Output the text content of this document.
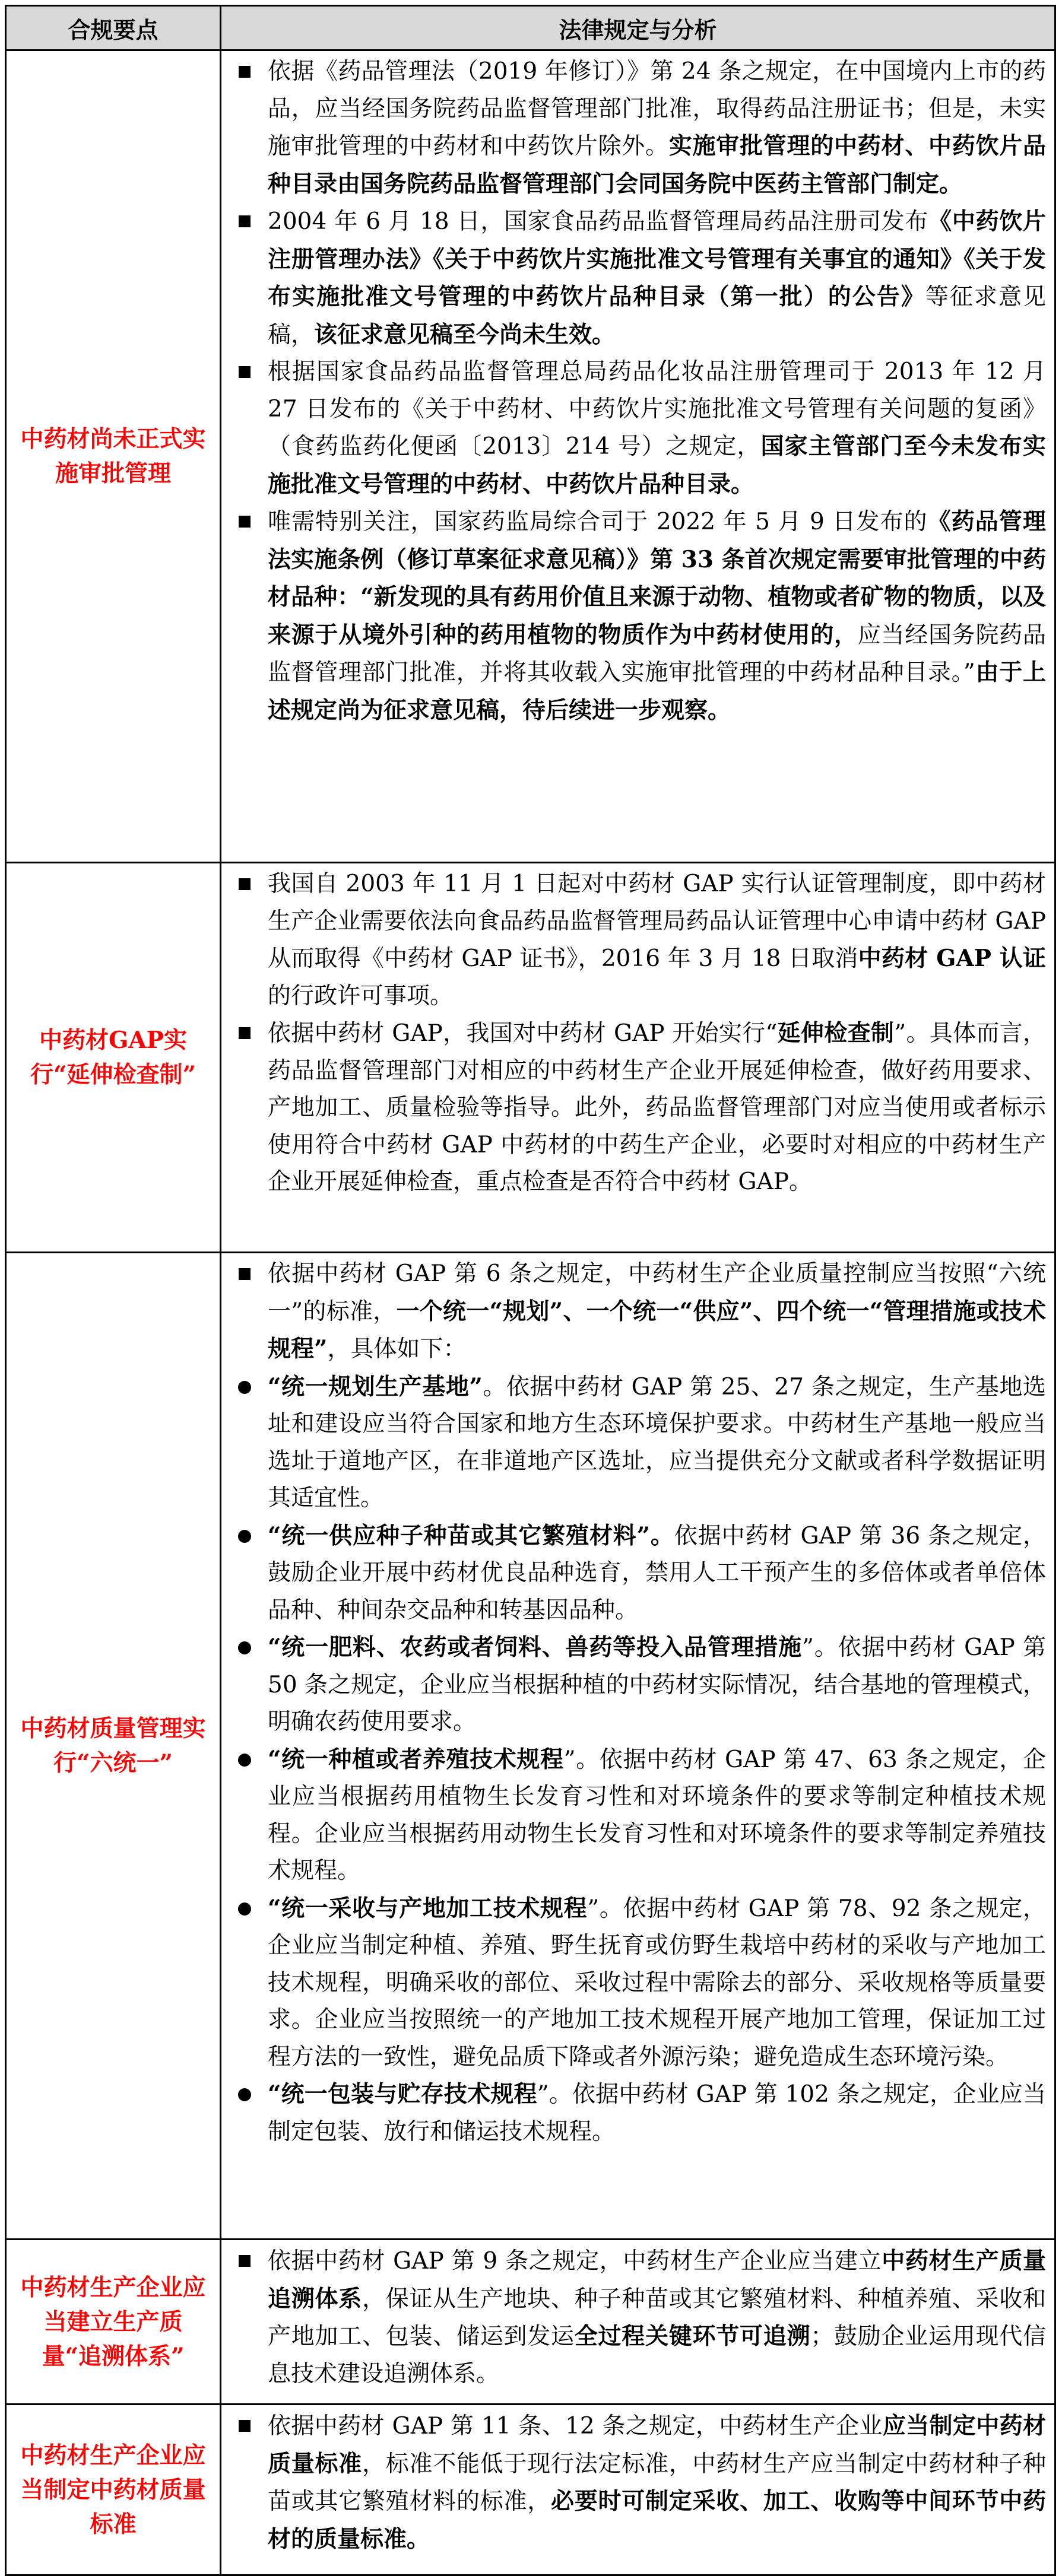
合规要点	法律规定与分析
中药材尚未正式实施审批管理
依据《药品管理法（2019 年修订）》第 24 条之规定，在中国境内上市的药品，应当经国务院药品监督管理部门批准，取得药品注册证书；但是，未实施审批管理的中药材和中药饮片除外。实施审批管理的中药材、中药饮片品种目录由国务院药品监督管理部门会同国务院中医药主管部门制定。
2004 年 6 月 18 日，国家食品药品监督管理局药品注册司发布《中药饮片注册管理办法》《关于中药饮片实施批准文号管理有关事宜的通知》《关于发布实施批准文号管理的中药饮片品种目录（第一批）的公告》等征求意见稿，该征求意见稿至今尚未生效。
根据国家食品药品监督管理总局药品化妆品注册管理司于 2013 年 12 月 27 日发布的《关于中药材、中药饮片实施批准文号管理有关问题的复函》（食药监药化便函〔2013〕214 号）之规定，国家主管部门至今未发布实施批准文号管理的中药材、中药饮片品种目录。
唯需特别关注，国家药监局综合司于 2022 年 5 月 9 日发布的《药品管理法实施条例（修订草案征求意见稿）》第 33 条首次规定需要审批管理的中药材品种：“新发现的具有药用价值且来源于动物、植物或者矿物的物质，以及来源于从境外引种的药用植物的物质作为中药材使用的，应当经国务院药品监督管理部门批准，并将其收载入实施审批管理的中药材品种目录。”由于上述规定尚为征求意见稿，待后续进一步观察。
中药材GAP实行“延伸检查制”
我国自 2003 年 11 月 1 日起对中药材 GAP 实行认证管理制度，即中药材生产企业需要依法向食品药品监督管理局药品认证管理中心申请中药材 GAP 从而取得《中药材 GAP 证书》，2016 年 3 月 18 日取消中药材 GAP 认证的行政许可事项。
依据中药材 GAP，我国对中药材 GAP 开始实行“延伸检查制”。具体而言，药品监督管理部门对相应的中药材生产企业开展延伸检查，做好药用要求、产地加工、质量检验等指导。此外，药品监督管理部门对应当使用或者标示使用符合中药材 GAP 中药材的中药生产企业，必要时对相应的中药材生产企业开展延伸检查，重点检查是否符合中药材 GAP。
中药材质量管理实行“六统一”
依据中药材 GAP 第 6 条之规定，中药材生产企业质量控制应当按照“六统一”的标准，一个统一“规划”、一个统一“供应”、四个统一“管理措施或技术规程”，具体如下：
“统一规划生产基地”。依据中药材 GAP 第 25、27 条之规定，生产基地选址和建设应当符合国家和地方生态环境保护要求。中药材生产基地一般应当选址于道地产区，在非道地产区选址，应当提供充分文献或者科学数据证明其适宜性。
“统一供应种子种苗或其它繁殖材料”。依据中药材 GAP 第 36 条之规定，鼓励企业开展中药材优良品种选育，禁用人工干预产生的多倍体或者单倍体品种、种间杂交品种和转基因品种。
“统一肥料、农药或者饲料、兽药等投入品管理措施”。依据中药材 GAP 第 50 条之规定，企业应当根据种植的中药材实际情况，结合基地的管理模式，明确农药使用要求。
“统一种植或者养殖技术规程”。依据中药材 GAP 第 47、63 条之规定，企业应当根据药用植物生长发育习性和对环境条件的要求等制定种植技术规程。企业应当根据药用动物生长发育习性和对环境条件的要求等制定养殖技术规程。
“统一采收与产地加工技术规程”。依据中药材 GAP 第 78、92 条之规定，企业应当制定种植、养殖、野生抚育或仿野生栽培中药材的采收与产地加工技术规程，明确采收的部位、采收过程中需除去的部分、采收规格等质量要求。企业应当按照统一的产地加工技术规程开展产地加工管理，保证加工过程方法的一致性，避免品质下降或者外源污染；避免造成生态环境污染。
“统一包装与贮存技术规程”。依据中药材 GAP 第 102 条之规定，企业应当制定包装、放行和储运技术规程。
中药材生产企业应当建立生产质量“追溯体系”
依据中药材 GAP 第 9 条之规定，中药材生产企业应当建立中药材生产质量追溯体系，保证从生产地块、种子种苗或其它繁殖材料、种植养殖、采收和产地加工、包装、储运到发运全过程关键环节可追溯；鼓励企业运用现代信息技术建设追溯体系。
中药材生产企业应当制定中药材质量标准
依据中药材 GAP 第 11 条、12 条之规定，中药材生产企业应当制定中药材质量标准，标准不能低于现行法定标准，中药材生产应当制定中药材种子种苗或其它繁殖材料的标准，必要时可制定采收、加工、收购等中间环节中药材的质量标准。
